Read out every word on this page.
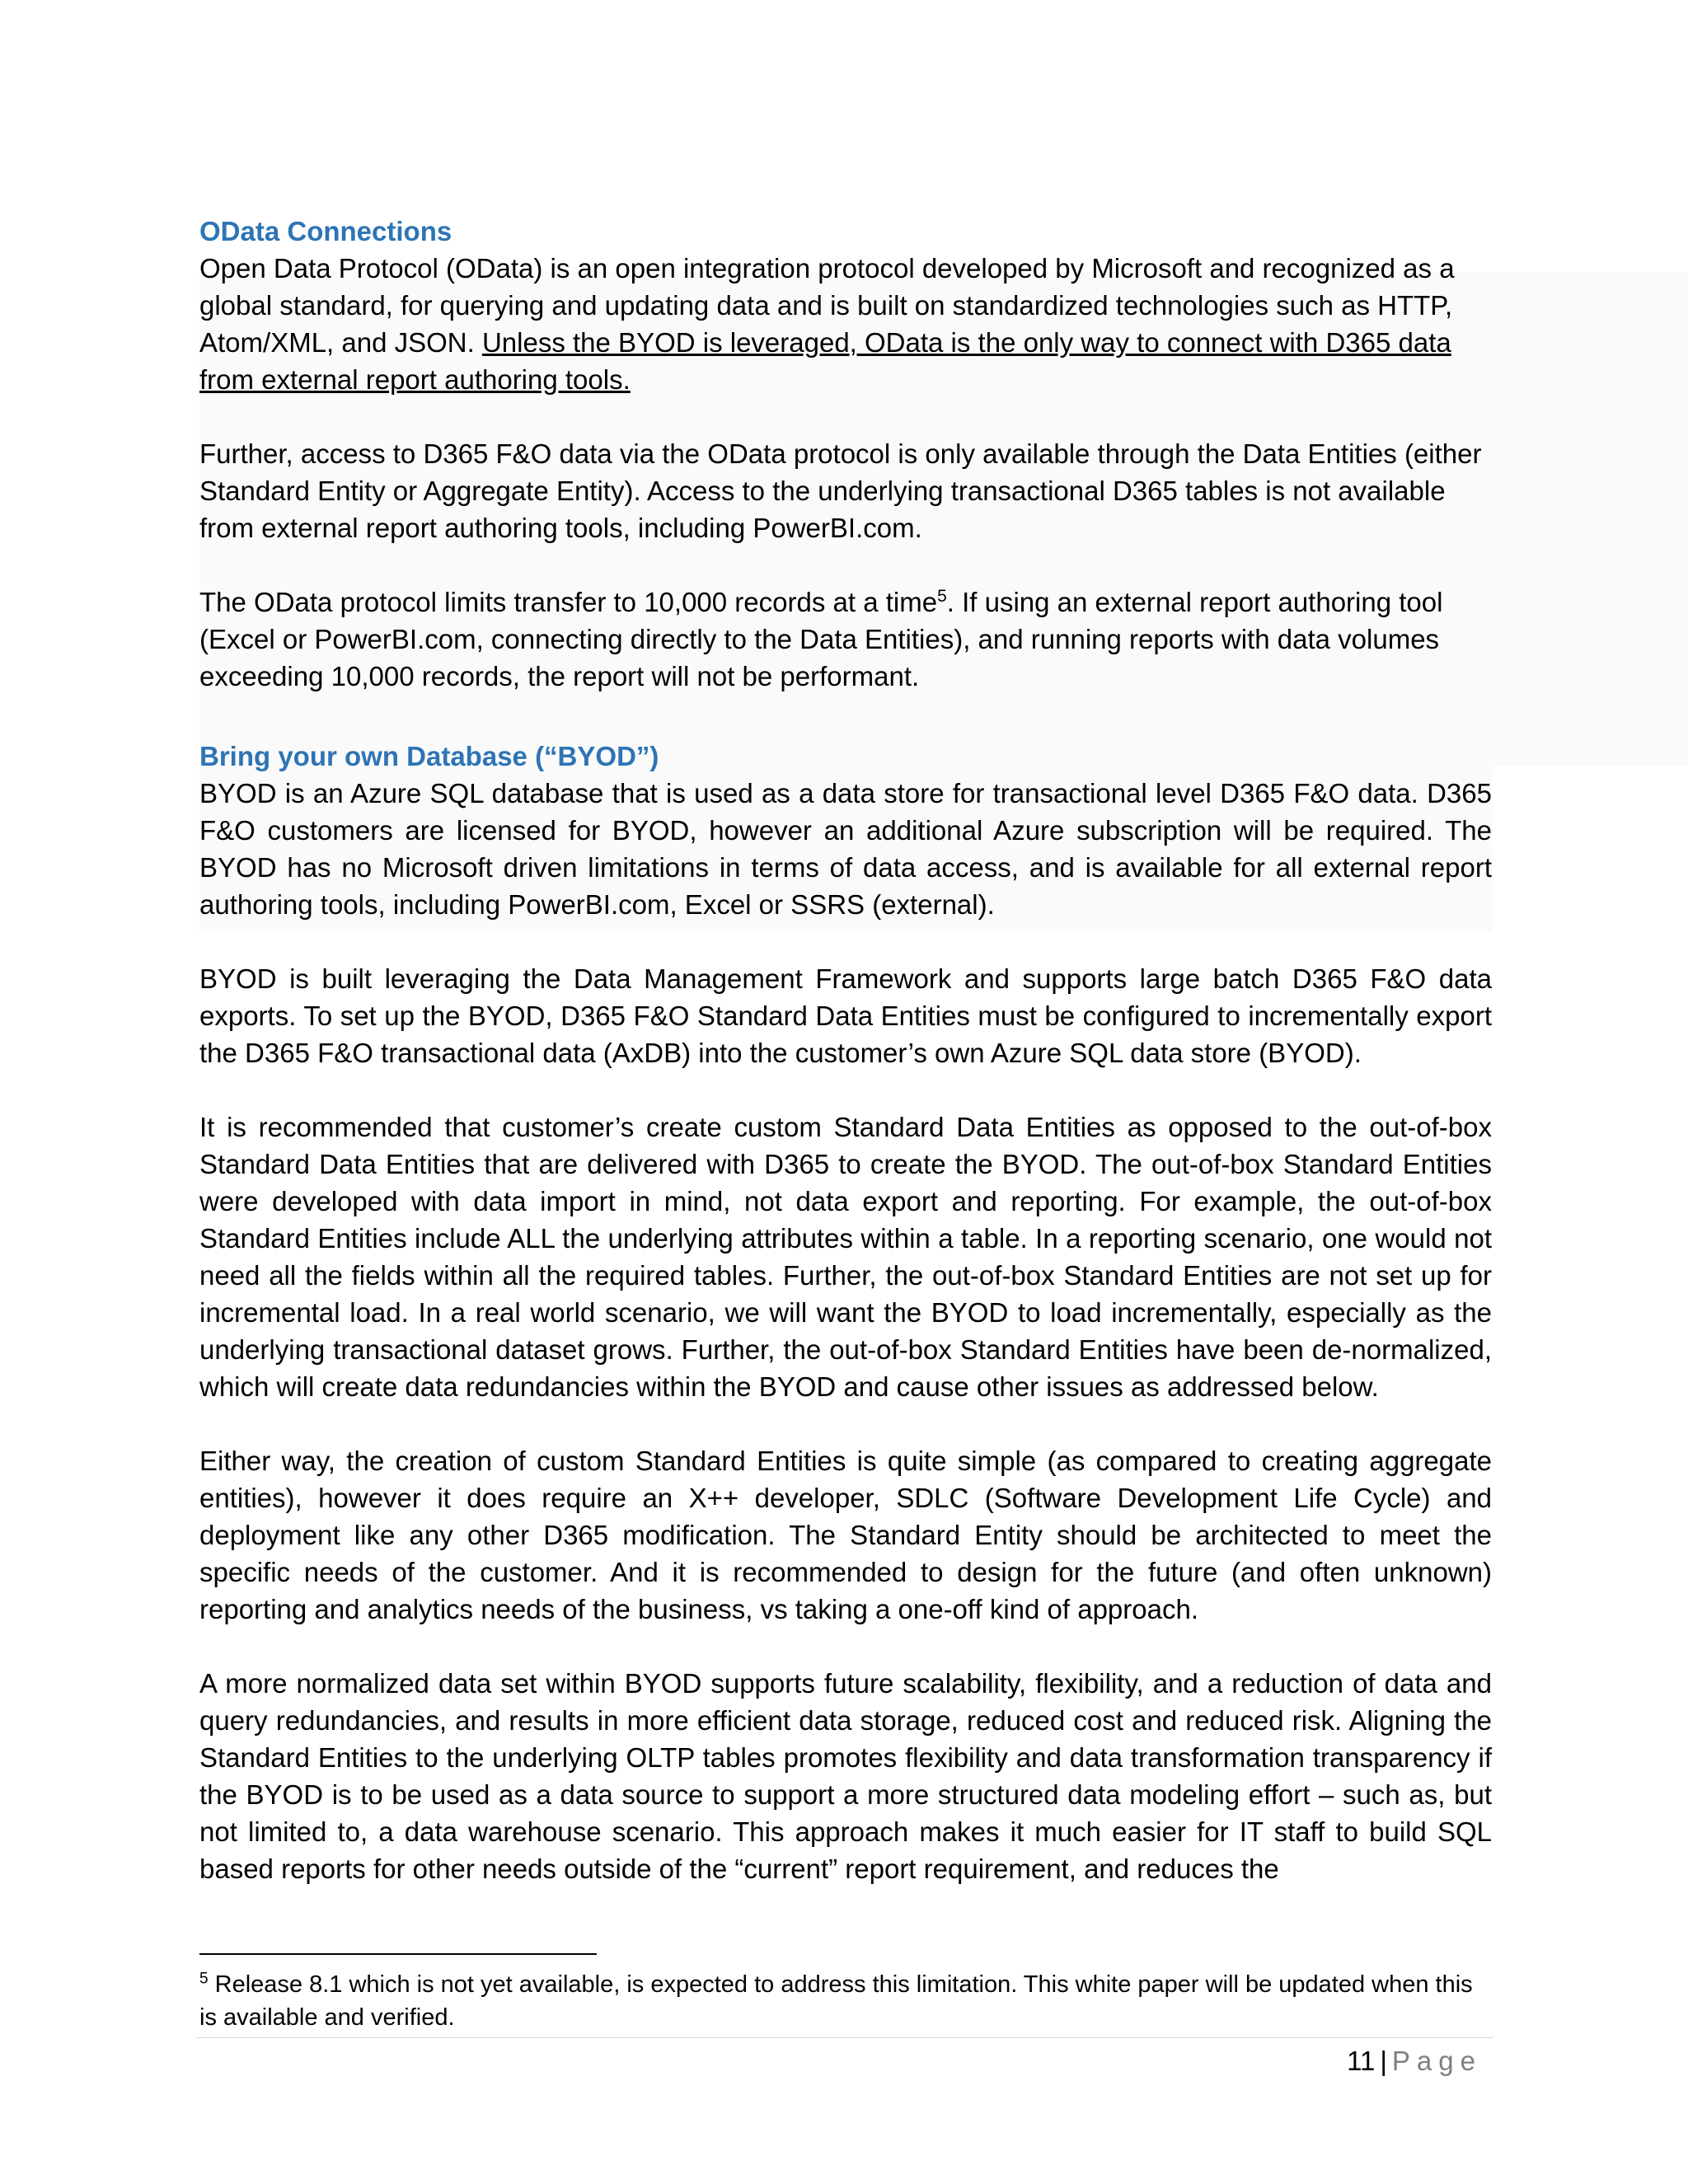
OData Connections

Open Data Protocol (OData) is an open integration protocol developed by Microsoft and recognized as a global standard, for querying and updating data and is built on standardized technologies such as HTTP, Atom/XML, and JSON. Unless the BYOD is leveraged, OData is the only way to connect with D365 data from external report authoring tools.

Further, access to D365 F&O data via the OData protocol is only available through the Data Entities (either Standard Entity or Aggregate Entity). Access to the underlying transactional D365 tables is not available from external report authoring tools, including PowerBI.com.

The OData protocol limits transfer to 10,000 records at a time$^5$. If using an external report authoring tool (Excel or PowerBI.com, connecting directly to the Data Entities), and running reports with data volumes exceeding 10,000 records, the report will not be performant.

Bring your own Database (“BYOD”)

BYOD is an Azure SQL database that is used as a data store for transactional level D365 F&O data. D365 F&O customers are licensed for BYOD, however an additional Azure subscription will be required. The BYOD has no Microsoft driven limitations in terms of data access, and is available for all external report authoring tools, including PowerBI.com, Excel or SSRS (external).

BYOD is built leveraging the Data Management Framework and supports large batch D365 F&O data exports. To set up the BYOD, D365 F&O Standard Data Entities must be configured to incrementally export the D365 F&O transactional data (AxDB) into the customer’s own Azure SQL data store (BYOD).

It is recommended that customer’s create custom Standard Data Entities as opposed to the out-of-box Standard Data Entities that are delivered with D365 to create the BYOD. The out-of-box Standard Entities were developed with data import in mind, not data export and reporting. For example, the out-of-box Standard Entities include ALL the underlying attributes within a table. In a reporting scenario, one would not need all the fields within all the required tables. Further, the out-of-box Standard Entities are not set up for incremental load. In a real world scenario, we will want the BYOD to load incrementally, especially as the underlying transactional dataset grows. Further, the out-of-box Standard Entities have been de-normalized, which will create data redundancies within the BYOD and cause other issues as addressed below.

Either way, the creation of custom Standard Entities is quite simple (as compared to creating aggregate entities), however it does require an X++ developer, SDLC (Software Development Life Cycle) and deployment like any other D365 modification. The Standard Entity should be architected to meet the specific needs of the customer. And it is recommended to design for the future (and often unknown) reporting and analytics needs of the business, vs taking a one-off kind of approach.

A more normalized data set within BYOD supports future scalability, flexibility, and a reduction of data and query redundancies, and results in more efficient data storage, reduced cost and reduced risk. Aligning the Standard Entities to the underlying OLTP tables promotes flexibility and data transformation transparency if the BYOD is to be used as a data source to support a more structured data modeling effort – such as, but not limited to, a data warehouse scenario. This approach makes it much easier for IT staff to build SQL based reports for other needs outside of the “current” report requirement, and reduces the

$^5$ Release 8.1 which is not yet available, is expected to address this limitation. This white paper will be updated when this is available and verified.
11 | Page
